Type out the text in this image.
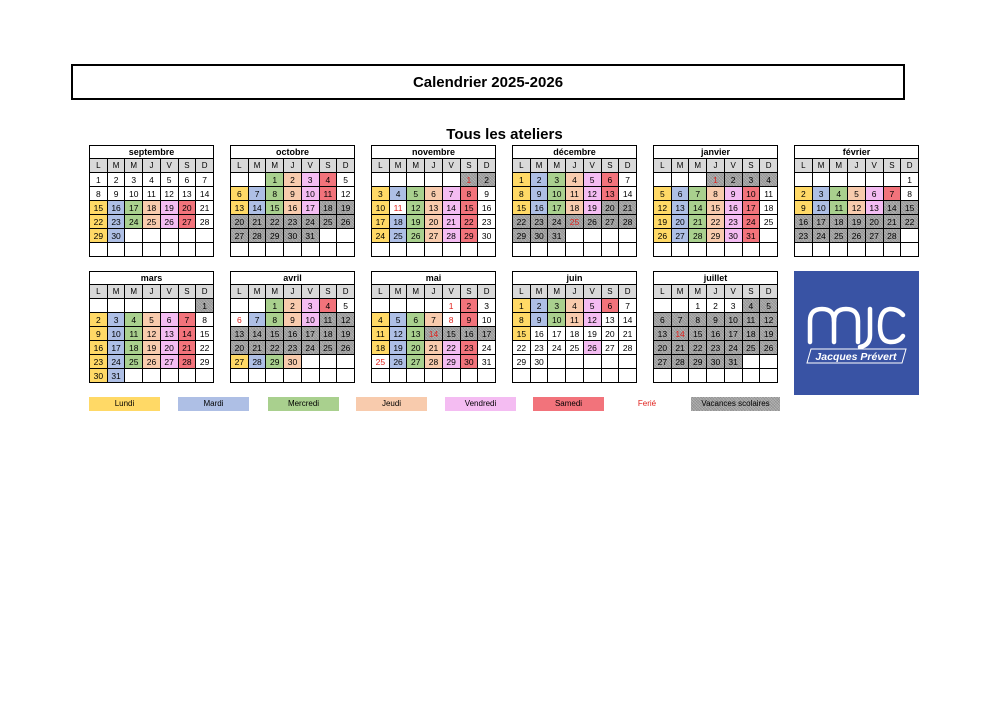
Calendrier 2025-2026
Tous les ateliers
septembre						
L	M	M	J	V	S	D
1	2	3	4	5	6	7
8	9	10	11	12	13	14
15	16	17	18	19	20	21
22	23	24	25	26	27	28
29	30					

octobre						
L	M	M	J	V	S	D
		1	2	3	4	5
6	7	8	9	10	11	12
13	14	15	16	17	18	19
20	21	22	23	24	25	26
27	28	29	30	31		

novembre						
L	M	M	J	V	S	D
					1	2
3	4	5	6	7	8	9
10	11	12	13	14	15	16
17	18	19	20	21	22	23
24	25	26	27	28	29	30

décembre						
L	M	M	J	V	S	D
1	2	3	4	5	6	7
8	9	10	11	12	13	14
15	16	17	18	19	20	21
22	23	24	25	26	27	28
29	30	31				

janvier						
L	M	M	J	V	S	D
			1	2	3	4
5	6	7	8	9	10	11
12	13	14	15	16	17	18
19	20	21	22	23	24	25
26	27	28	29	30	31	

février						
L	M	M	J	V	S	D
						1
2	3	4	5	6	7	8
9	10	11	12	13	14	15
16	17	18	19	20	21	22
23	24	25	26	27	28	

mars						
L	M	M	J	V	S	D
						1
2	3	4	5	6	7	8
9	10	11	12	13	14	15
16	17	18	19	20	21	22
23	24	25	26	27	28	29
30	31					
avril						
L	M	M	J	V	S	D
		1	2	3	4	5
6	7	8	9	10	11	12
13	14	15	16	17	18	19
20	21	22	23	24	25	26
27	28	29	30			

mai						
L	M	M	J	V	S	D
				1	2	3
4	5	6	7	8	9	10
11	12	13	14	15	16	17
18	19	20	21	22	23	24
25	26	27	28	29	30	31

juin						
L	M	M	J	V	S	D
1	2	3	4	5	6	7
8	9	10	11	12	13	14
15	16	17	18	19	20	21
22	23	24	25	26	27	28
29	30					

juillet						
L	M	M	J	V	S	D
		1	2	3	4	5
6	7	8	9	10	11	12
13	14	15	16	17	18	19
20	21	22	23	24	25	26
27	28	29	30	31		
							Jacques Prévert
Lundi	Mardi	Mercredi	Jeudi	Vendredi	Samedi	Ferié	Vacances scolaires
